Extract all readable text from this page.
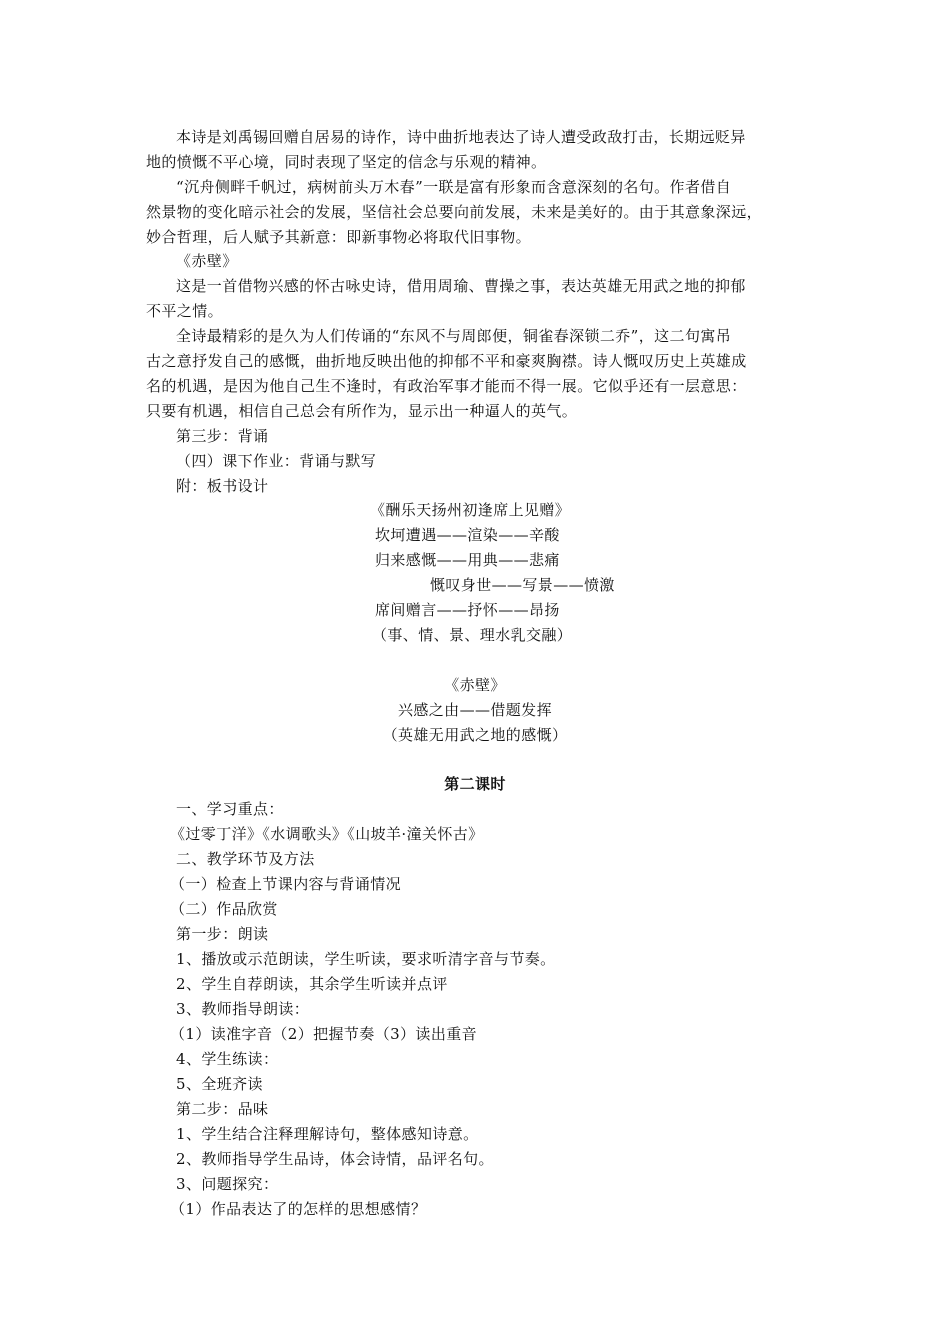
本诗是刘禹锡回赠自居易的诗作，诗中曲折地表达了诗人遭受政敌打击，长期远贬异
地的愤慨不平心境，同时表现了坚定的信念与乐观的精神。
“沉舟侧畔千帆过，病树前头万木春”一联是富有形象而含意深刻的名句。作者借自
然景物的变化暗示社会的发展，坚信社会总要向前发展，未来是美好的。由于其意象深远，
妙合哲理，后人赋予其新意：即新事物必将取代旧事物。
《赤壁》
这是一首借物兴感的怀古咏史诗，借用周瑜、曹操之事，表达英雄无用武之地的抑郁
不平之情。
全诗最精彩的是久为人们传诵的“东风不与周郎便，铜雀春深锁二乔”，这二句寓吊
古之意抒发自己的感慨，曲折地反映出他的抑郁不平和豪爽胸襟。诗人慨叹历史上英雄成
名的机遇，是因为他自己生不逢时，有政治军事才能而不得一展。它似乎还有一层意思：
只要有机遇，相信自己总会有所作为，显示出一种逼人的英气。
第三步：背诵
（四）课下作业：背诵与默写
附：板书设计
《酬乐天扬州初逢席上见赠》
坎坷遭遇——渲染——辛酸
归来感慨——用典——悲痛
慨叹身世——写景——愤激
席间赠言——抒怀——昂扬
（事、情、景、理水乳交融）
《赤壁》
兴感之由——借题发挥
（英雄无用武之地的感慨）
第二课时
一、学习重点：
《过零丁洋》《水调歌头》《山坡羊·潼关怀古》
二、教学环节及方法
（一）检查上节课内容与背诵情况
（二）作品欣赏
第一步：朗读
1、播放或示范朗读，学生听读，要求听清字音与节奏。
2、学生自荐朗读，其余学生听读并点评
3、教师指导朗读：
（1）读准字音（2）把握节奏（3）读出重音
4、学生练读：
5、全班齐读
第二步：品味
1、学生结合注释理解诗句，整体感知诗意。
2、教师指导学生品诗，体会诗情，品评名句。
3、问题探究：
（1）作品表达了的怎样的思想感情？
